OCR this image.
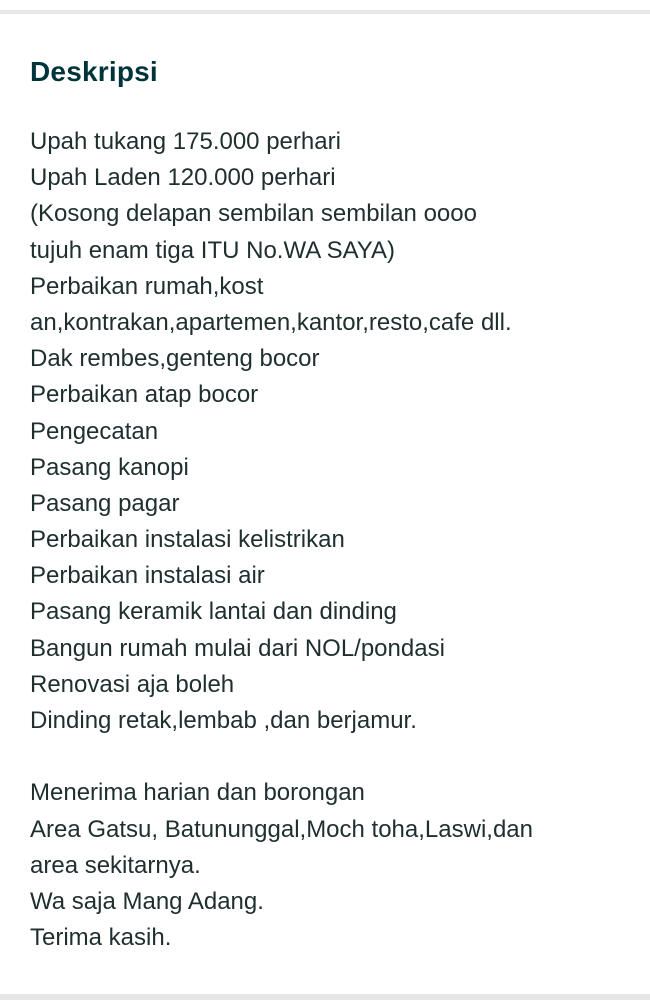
Deskripsi
Upah tukang 175.000 perhari
Upah Laden 120.000 perhari
(Kosong delapan sembilan sembilan oooo
tujuh enam tiga ITU No.WA SAYA)
Perbaikan rumah,kost
an,kontrakan,apartemen,kantor,resto,cafe dll.
Dak rembes,genteng bocor
Perbaikan atap bocor
Pengecatan
Pasang kanopi
Pasang pagar
Perbaikan instalasi kelistrikan
Perbaikan instalasi air
Pasang keramik lantai dan dinding
Bangun rumah mulai dari NOL/pondasi
Renovasi aja boleh
Dinding retak,lembab ,dan berjamur.
Menerima harian dan borongan
Area Gatsu, Batununggal,Moch toha,Laswi,dan
area sekitarnya.
Wa saja Mang Adang.
Terima kasih.
